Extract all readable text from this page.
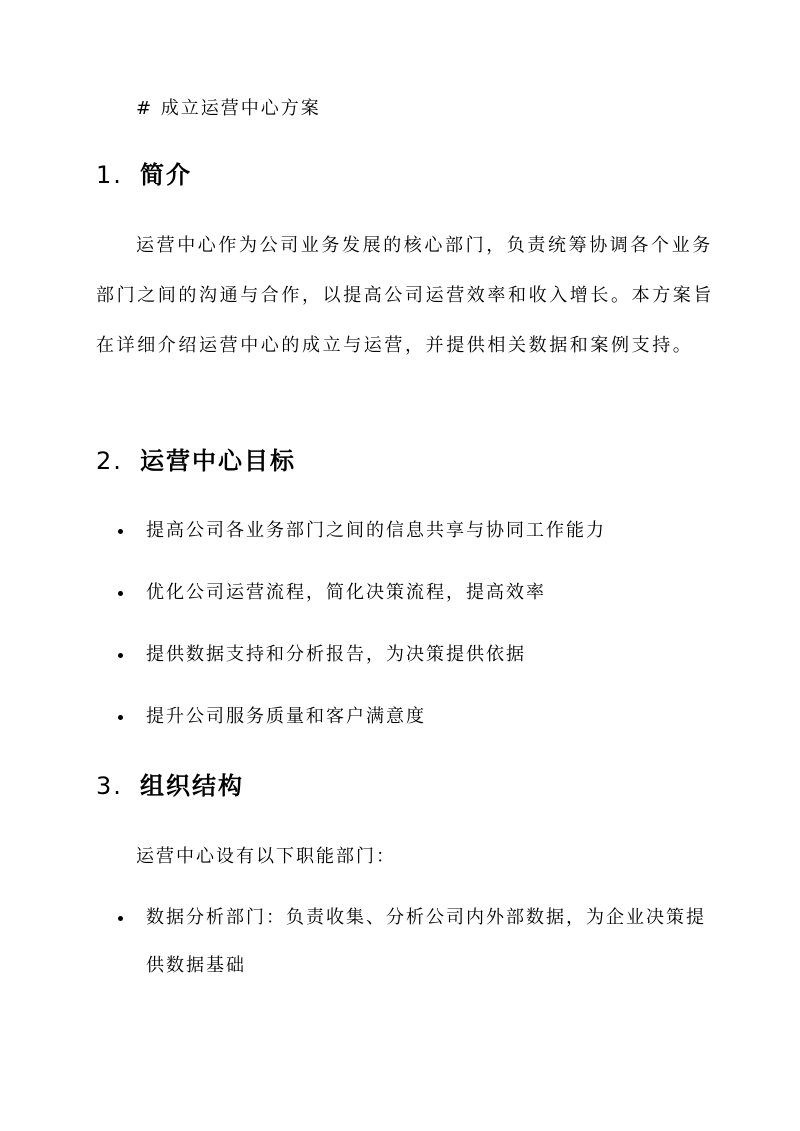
# 成立运营中心方案
1. 简介

运营中心作为公司业务发展的核心部门，负责统筹协调各个业务部门之间的沟通与合作，以提高公司运营效率和收入增长。本方案旨在详细介绍运营中心的成立与运营，并提供相关数据和案例支持。

2. 运营中心目标
提高公司各业务部门之间的信息共享与协同工作能力
优化公司运营流程，简化决策流程，提高效率
提供数据支持和分析报告，为决策提供依据
提升公司服务质量和客户满意度
3. 组织结构
运营中心设有以下职能部门：
数据分析部门：负责收集、分析公司内外部数据，为企业决策提供数据基础
